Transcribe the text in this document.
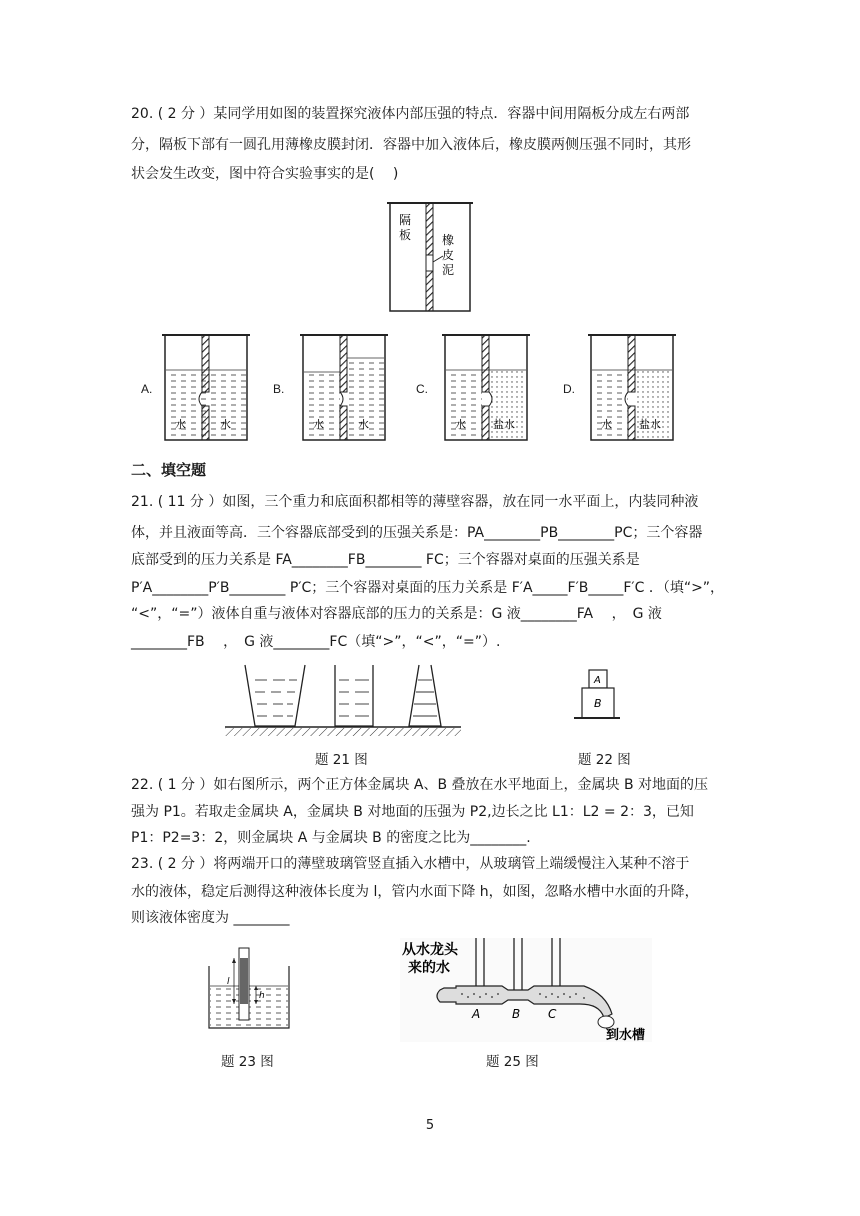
20. ( 2 分 ）某同学用如图的装置探究液体内部压强的特点．容器中间用隔板分成左右两部
分，隔板下部有一圆孔用薄橡皮膜封闭．容器中加入液体后，橡皮膜两侧压强不同时，其形
状会发生改变，图中符合实验事实的是(　 )
隔
板	橡
皮
泥
A.
水	水
B.
水	水
C.
水 盐水
D.
水 盐水
二、填空题
21. ( 11 分 ）如图，三个重力和底面积都相等的薄壁容器，放在同一水平面上，内装同种液
体，并且液面等高．三个容器底部受到的压强关系是：PA________PB________PC；三个容器
底部受到的压力关系是 FA________FB________ FC；三个容器对桌面的压强关系是
P′A________P′B________ P′C；三个容器对桌面的压力关系是 F′A_____F′B_____F′C ．（填“>”，
“<”，“=”）液体自重与液体对容器底部的压力的关系是：G 液________FA　 ，　G 液
________FB　 ，　G 液________FC（填“>”，“<”，“=”）.
题 21 图
A
B
题 22 图
22. ( 1 分 ）如右图所示，两个正方体金属块 A、B 叠放在水平地面上，金属块 B 对地面的压
强为 P1。若取走金属块 A，金属块 B 对地面的压强为 P2,边长之比 L1：L2 = 2：3，已知
P1：P2=3：2，则金属块 A 与金属块 B 的密度之比为________.
23. ( 2 分 ）将两端开口的薄壁玻璃管竖直插入水槽中，从玻璃管上端缓慢注入某种不溶于
水的液体，稳定后测得这种液体长度为 l，管内水面下降 h，如图，忽略水槽中水面的升降，
则该液体密度为 ________
l
h
题 23 图
从水龙头
来的水
A	B C
到水槽
题 25 图
5
